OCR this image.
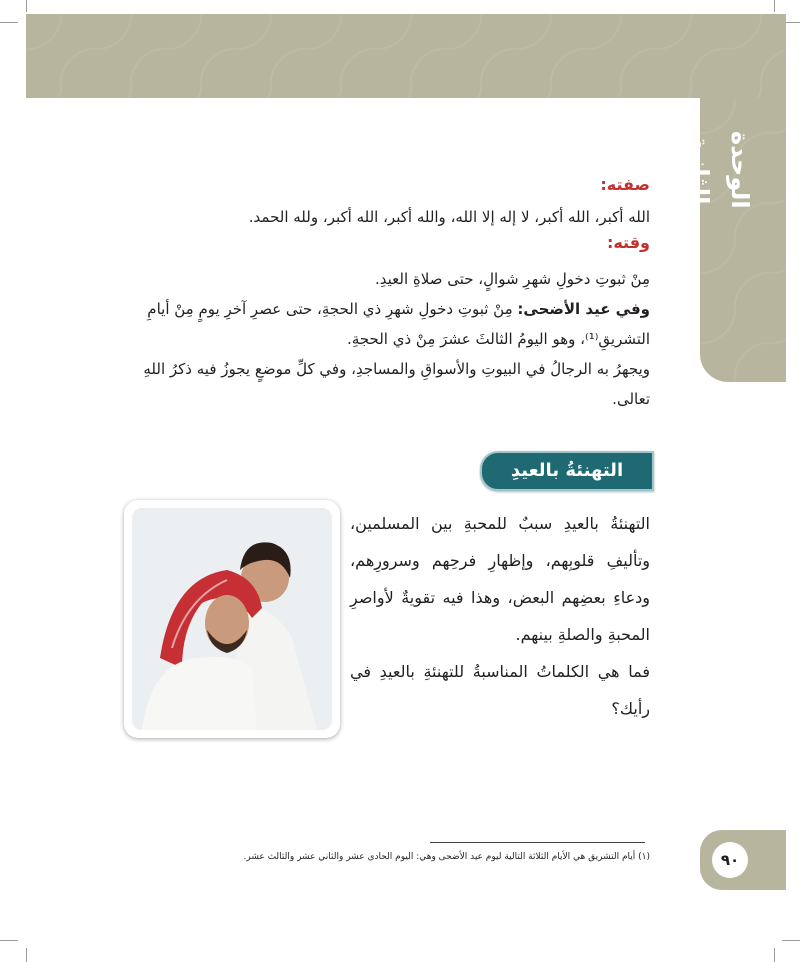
الوحدة الثانية
صفته:
الله أكبر، الله أكبر، لا إله إلا الله، والله أكبر، الله أكبر، ولله الحمد.
وقته:
مِنْ ثبوتِ دخولِ شهرِ شوالٍ، حتى صلاةِ العيدِ.
وفي عيد الأضحى: مِنْ ثبوتِ دخولِ شهرِ ذي الحجةِ، حتى عصرِ آخرِ يومٍ مِنْ أيامِ التشريقِ⁽¹⁾، وهو اليومُ الثالثَ عشرَ مِنْ ذي الحجةِ.
ويجهرُ به الرجالُ في البيوتِ والأسواقِ والمساجدِ، وفي كلِّ موضعٍ يجوزُ فيه ذكرُ اللهِ تعالى.
التهنئةُ بالعيدِ
التهنئةُ بالعيدِ سببٌ للمحبةِ بين المسلمين، وتأليفِ قلوبِهم، وإظهارِ فرحِهم وسرورِهم، ودعاءِ بعضِهم البعض، وهذا فيه تقويةٌ لأواصرِ المحبةِ والصلةِ بينهم.
فما هي الكلماتُ المناسبةُ للتهنئةِ بالعيدِ في رأيك؟
(١) أيام التشريق هي الأيام الثلاثة التالية ليوم عيد الأضحى وهي: اليوم الحادي عشر والثاني عشر والثالث عشر.	٩٠
